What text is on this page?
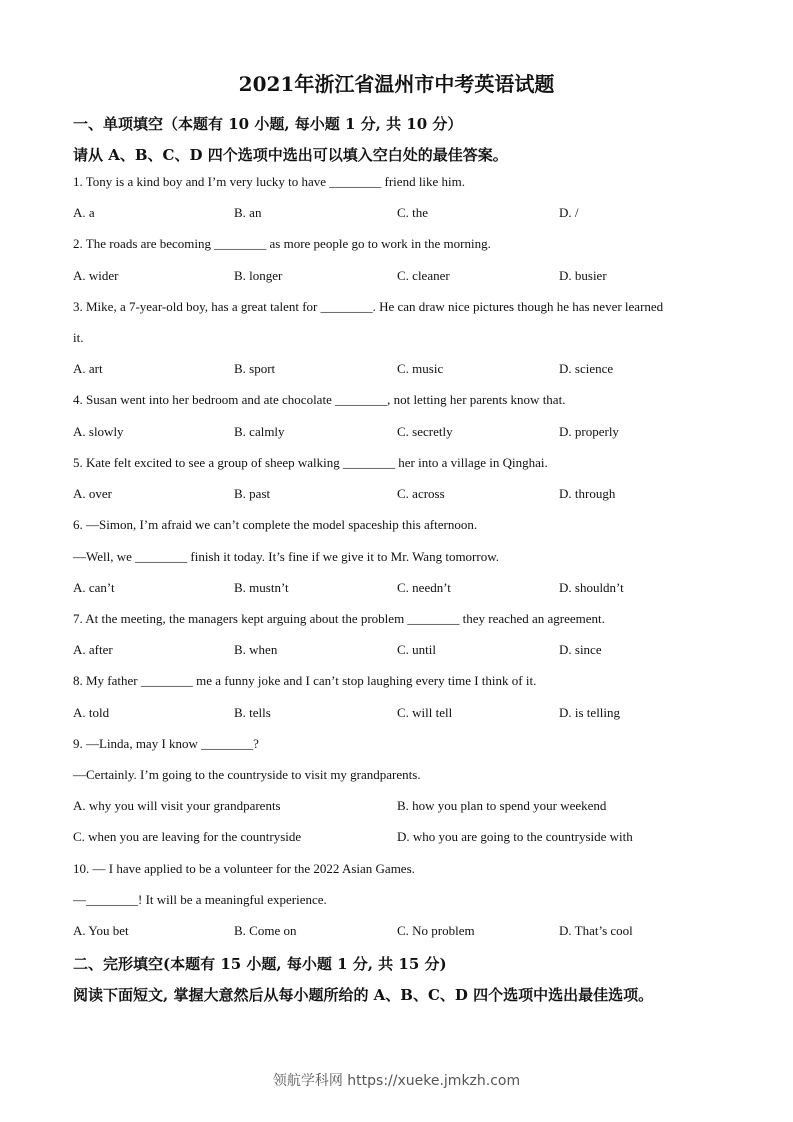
2021年浙江省温州市中考英语试题
一、单项填空（本题有 10 小题, 每小题 1 分, 共 10 分）
请从 A、B、C、D 四个选项中选出可以填入空白处的最佳答案。
1. Tony is a kind boy and I’m very lucky to have ________ friend like him.
A. a	B. an	C. the	D. /
2. The roads are becoming ________ as more people go to work in the morning.
A. wider	B. longer	C. cleaner	D. busier
3. Mike, a 7-year-old boy, has a great talent for ________. He can draw nice pictures though he has never learned
it.
A. art	B. sport	C. music	D. science
4. Susan went into her bedroom and ate chocolate ________, not letting her parents know that.
A. slowly	B. calmly	C. secretly	D. properly
5. Kate felt excited to see a group of sheep walking ________ her into a village in Qinghai.
A. over	B. past	C. across	D. through
6. —Simon, I’m afraid we can’t complete the model spaceship this afternoon.
—Well, we ________ finish it today. It’s fine if we give it to Mr. Wang tomorrow.
A. can’t	B. mustn’t	C. needn’t	D. shouldn’t
7. At the meeting, the managers kept arguing about the problem ________ they reached an agreement.
A. after	B. when	C. until	D. since
8. My father ________ me a funny joke and I can’t stop laughing every time I think of it.
A. told	B. tells	C. will tell	D. is telling
9. —Linda, may I know ________?
—Certainly. I’m going to the countryside to visit my grandparents.
A. why you will visit your grandparents	B. how you plan to spend your weekend
C. when you are leaving for the countryside	D. who you are going to the countryside with
10. — I have applied to be a volunteer for the 2022 Asian Games.
—________! It will be a meaningful experience.
A. You bet	B. Come on	C. No problem	D. That’s cool
二、完形填空(本题有 15 小题, 每小题 1 分, 共 15 分)
阅读下面短文, 掌握大意然后从每小题所给的 A、B、C、D 四个选项中选出最佳选项。
领航学科网 https://xueke.jmkzh.com
